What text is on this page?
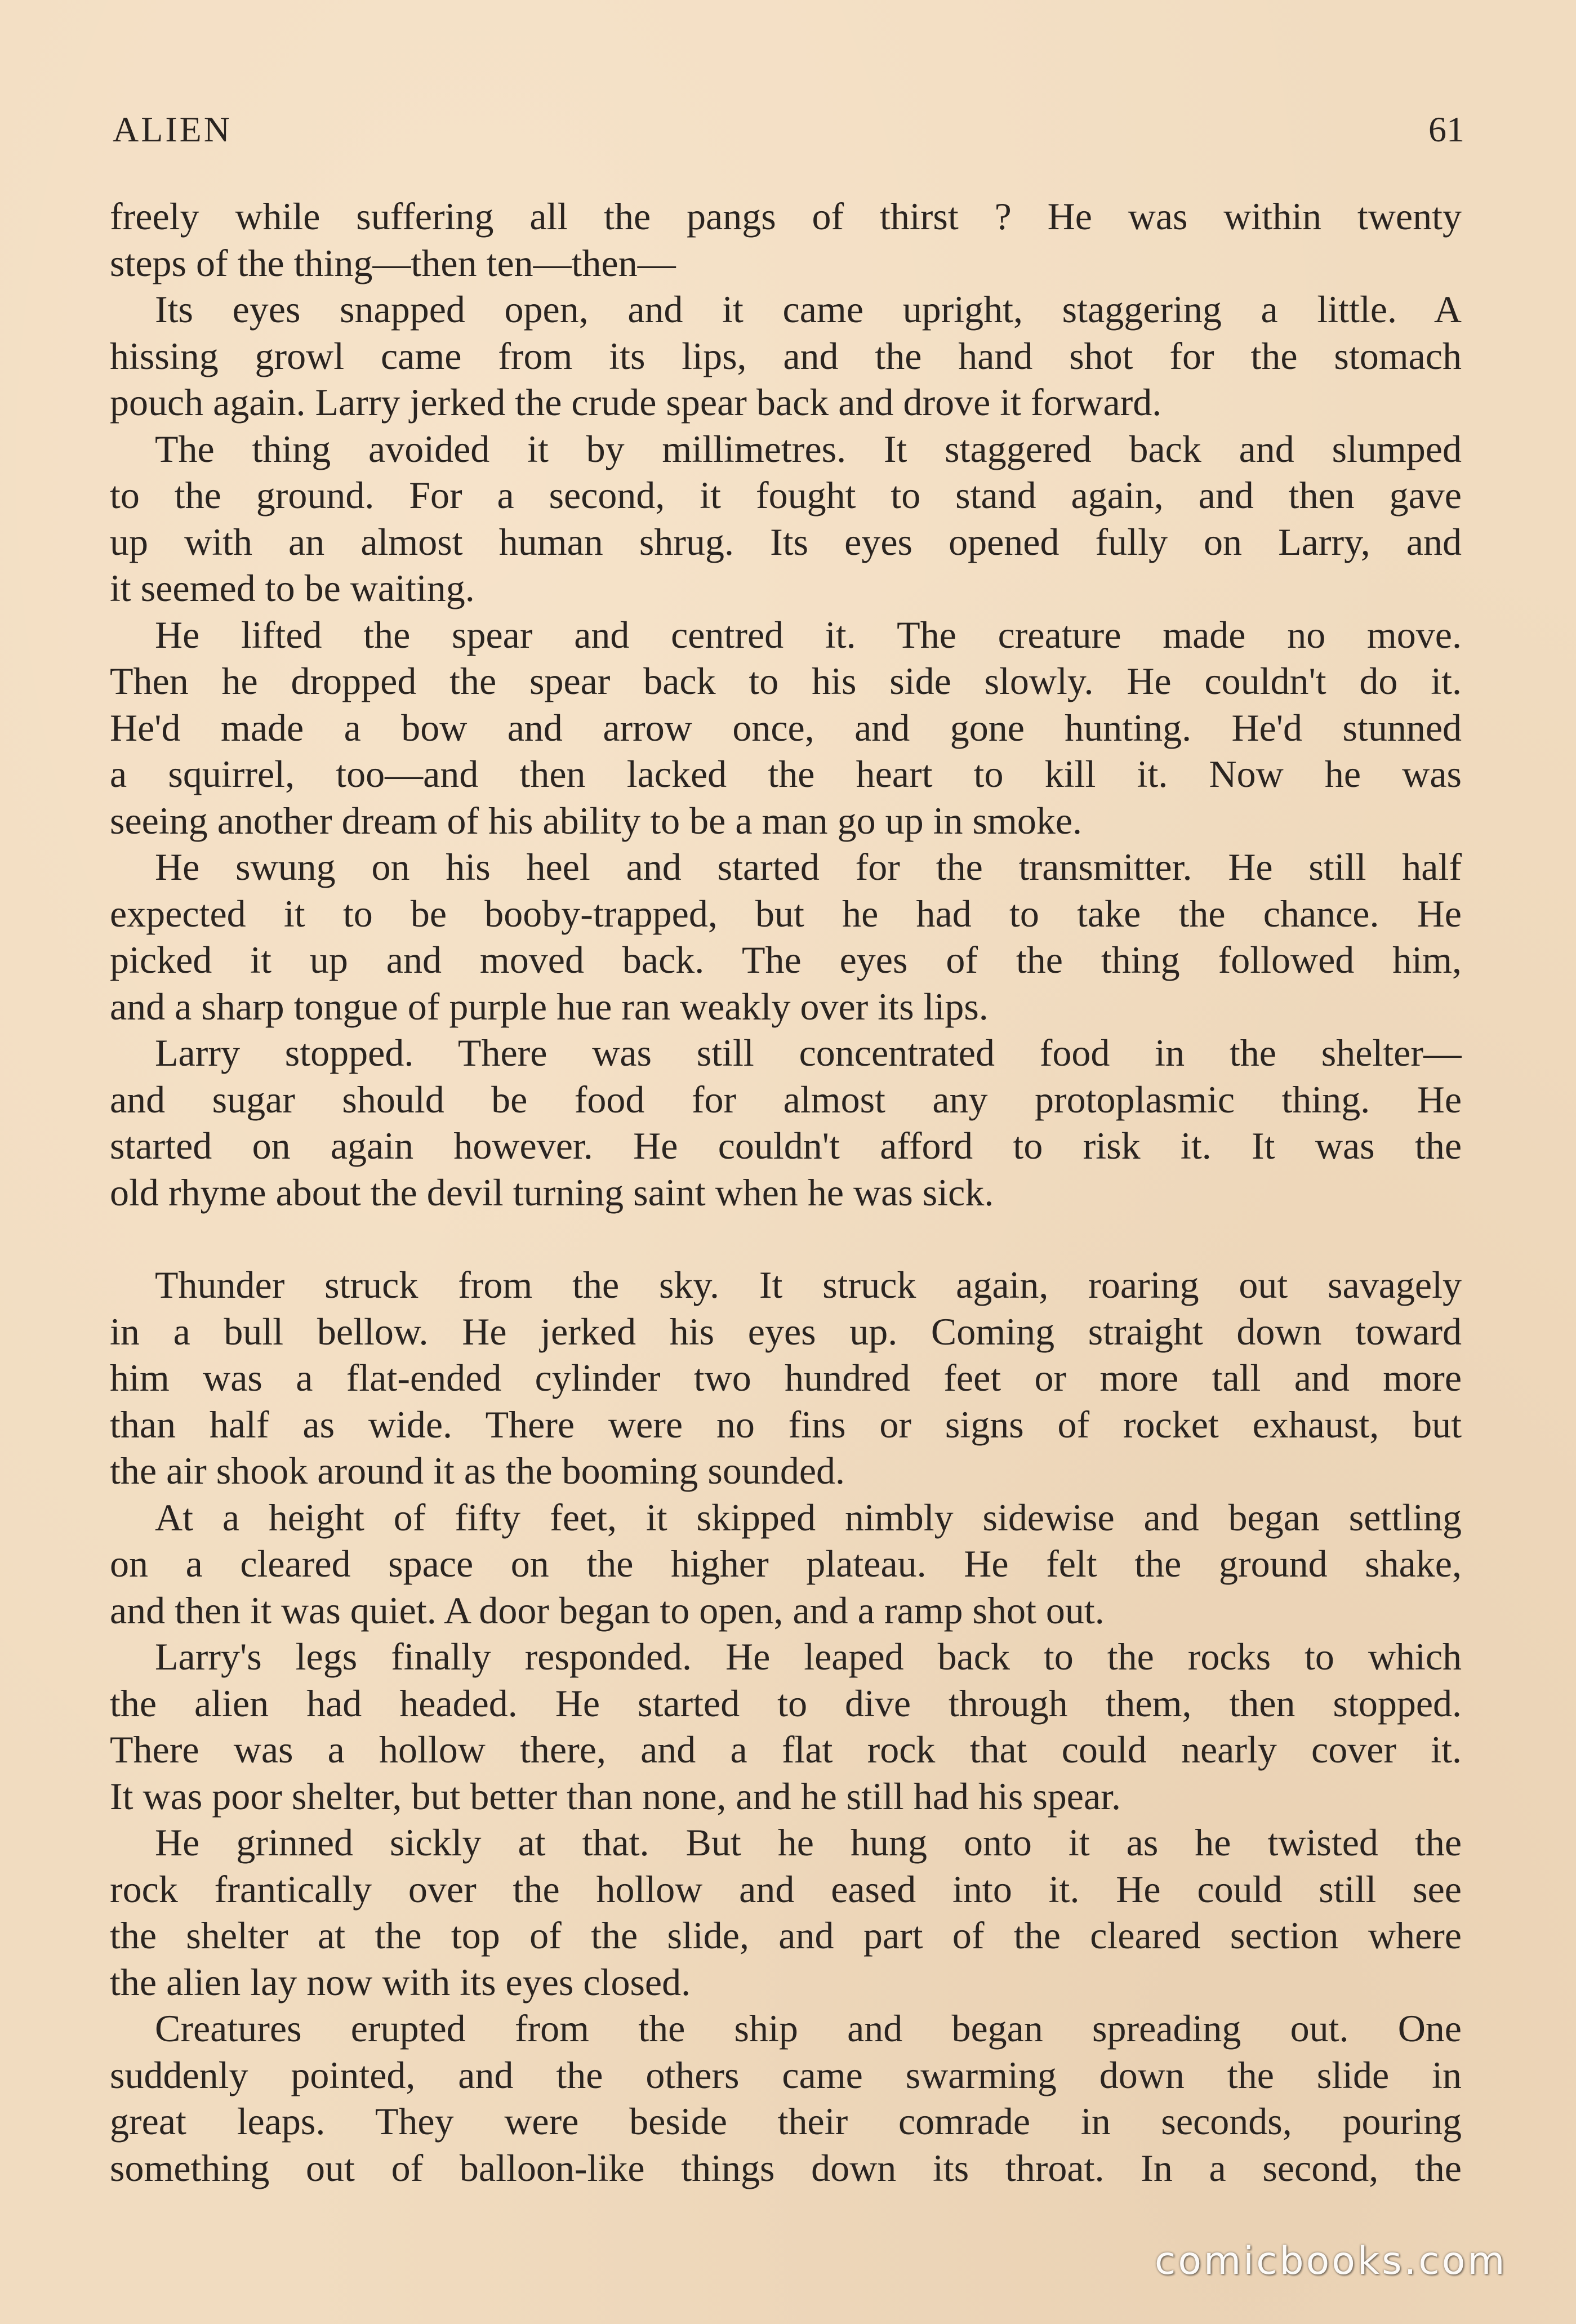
ALIEN	61
freely while suffering all the pangs of thirst ? He was within twenty
steps of the thing—then ten—then—
Its eyes snapped open, and it came upright, staggering a little. A
hissing growl came from its lips, and the hand shot for the stomach
pouch again. Larry jerked the crude spear back and drove it forward.
The thing avoided it by millimetres. It staggered back and slumped
to the ground. For a second, it fought to stand again, and then gave
up with an almost human shrug. Its eyes opened fully on Larry, and
it seemed to be waiting.
He lifted the spear and centred it. The creature made no move.
Then he dropped the spear back to his side slowly. He couldn't do it.
He'd made a bow and arrow once, and gone hunting. He'd stunned
a squirrel, too—and then lacked the heart to kill it. Now he was
seeing another dream of his ability to be a man go up in smoke.
He swung on his heel and started for the transmitter. He still half
expected it to be booby-trapped, but he had to take the chance. He
picked it up and moved back. The eyes of the thing followed him,
and a sharp tongue of purple hue ran weakly over its lips.
Larry stopped. There was still concentrated food in the shelter—
and sugar should be food for almost any protoplasmic thing. He
started on again however. He couldn't afford to risk it. It was the
old rhyme about the devil turning saint when he was sick.
Thunder struck from the sky. It struck again, roaring out savagely
in a bull bellow. He jerked his eyes up. Coming straight down toward
him was a flat-ended cylinder two hundred feet or more tall and more
than half as wide. There were no fins or signs of rocket exhaust, but
the air shook around it as the booming sounded.
At a height of fifty feet, it skipped nimbly sidewise and began settling
on a cleared space on the higher plateau. He felt the ground shake,
and then it was quiet. A door began to open, and a ramp shot out.
Larry's legs finally responded. He leaped back to the rocks to which
the alien had headed. He started to dive through them, then stopped.
There was a hollow there, and a flat rock that could nearly cover it.
It was poor shelter, but better than none, and he still had his spear.
He grinned sickly at that. But he hung onto it as he twisted the
rock frantically over the hollow and eased into it. He could still see
the shelter at the top of the slide, and part of the cleared section where
the alien lay now with its eyes closed.
Creatures erupted from the ship and began spreading out. One
suddenly pointed, and the others came swarming down the slide in
great leaps. They were beside their comrade in seconds, pouring
something out of balloon-like things down its throat. In a second, the
comicbooks.com
